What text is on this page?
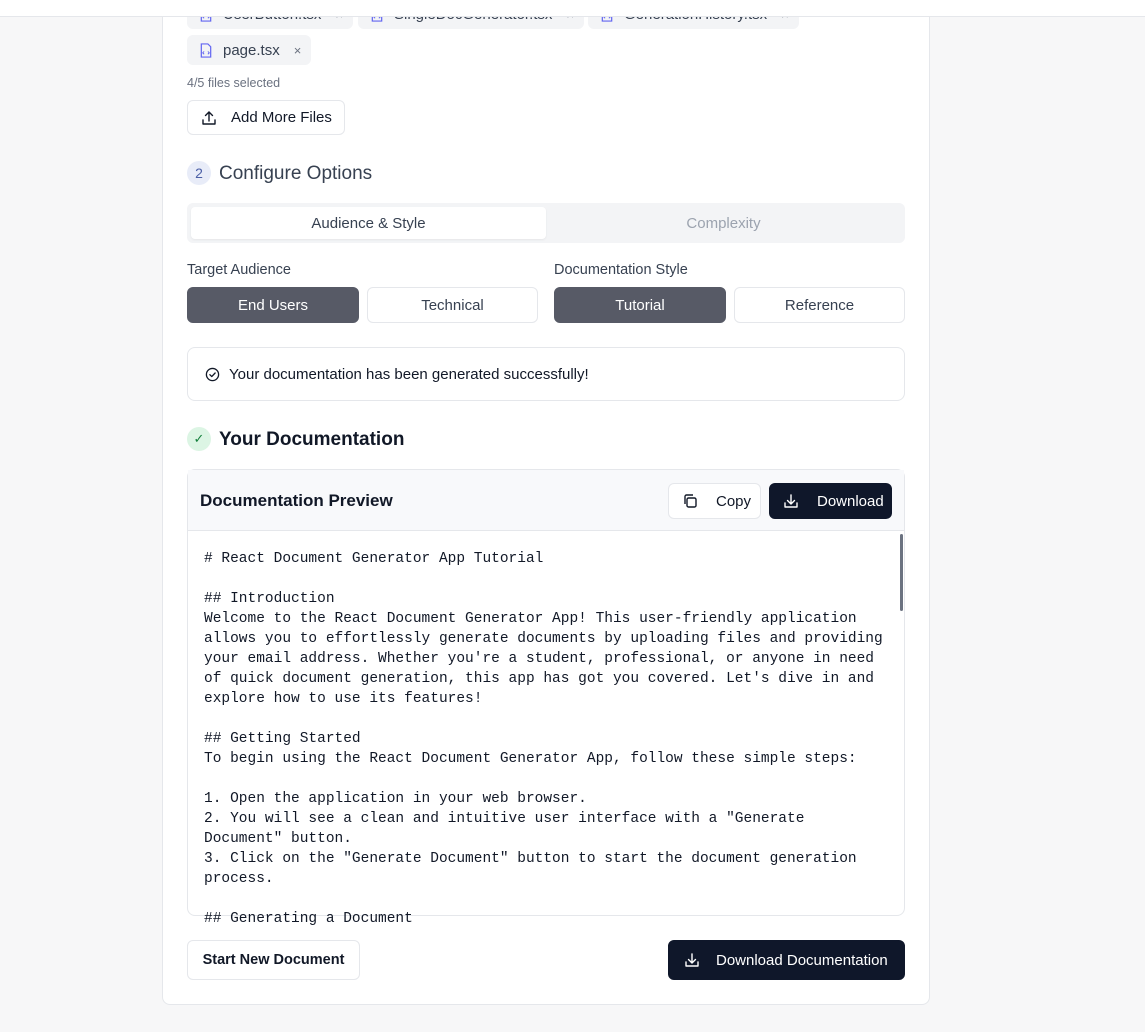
page.tsx ×
4/5 files selected
Add More Files
2 Configure Options
Audience & Style	Complexity
Target Audience	Documentation Style
End Users	Technical	Tutorial	Reference
Your documentation has been generated successfully!
✓ Your Documentation
Documentation Preview	Copy	Download
# React Document Generator App Tutorial

## Introduction
Welcome to the React Document Generator App! This user-friendly application allows you to effortlessly generate documents by uploading files and providing your email address. Whether you're a student, professional, or anyone in need of quick document generation, this app has got you covered. Let's dive in and explore how to use its features!

## Getting Started
To begin using the React Document Generator App, follow these simple steps:

1. Open the application in your web browser.
2. You will see a clean and intuitive user interface with a "Generate Document" button.
3. Click on the "Generate Document" button to start the document generation process.

## Generating a Document
Start New Document	Download Documentation
